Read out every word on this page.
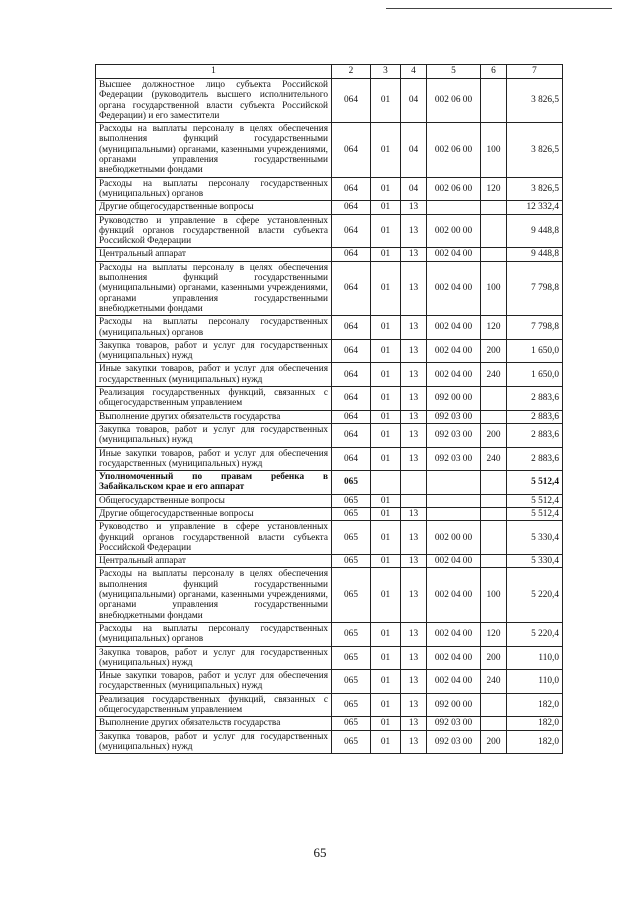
1	2	3	4	5	6	7
Высшее должностное лицо субъекта Российской Федерации (руководитель высшего исполнительного органа государственной власти субъекта Российской Федерации) и его заместители	064	01	04	002 06 00		3 826,5
Расходы на выплаты персоналу в целях обеспечения выполнения функций государственными (муниципальными) органами, казенными учреждениями, органами управления государственными внебюджетными фондами	064	01	04	002 06 00	100	3 826,5
Расходы на выплаты персоналу государственных (муниципальных) органов	064	01	04	002 06 00	120	3 826,5
Другие общегосударственные вопросы	064	01	13			12 332,4
Руководство и управление в сфере установленных функций органов государственной власти субъекта Российской Федерации	064	01	13	002 00 00		9 448,8
Центральный аппарат	064	01	13	002 04 00		9 448,8
Расходы на выплаты персоналу в целях обеспечения выполнения функций государственными (муниципальными) органами, казенными учреждениями, органами управления государственными внебюджетными фондами	064	01	13	002 04 00	100	7 798,8
Расходы на выплаты персоналу государственных (муниципальных) органов	064	01	13	002 04 00	120	7 798,8
Закупка товаров, работ и услуг для государственных (муниципальных) нужд	064	01	13	002 04 00	200	1 650,0
Иные закупки товаров, работ и услуг для обеспечения государственных (муниципальных) нужд	064	01	13	002 04 00	240	1 650,0
Реализация государственных функций, связанных с общегосударственным управлением	064	01	13	092 00 00		2 883,6
Выполнение других обязательств государства	064	01	13	092 03 00		2 883,6
Закупка товаров, работ и услуг для государственных (муниципальных) нужд	064	01	13	092 03 00	200	2 883,6
Иные закупки товаров, работ и услуг для обеспечения государственных (муниципальных) нужд	064	01	13	092 03 00	240	2 883,6
Уполномоченный по правам ребенка в Забайкальском крае и его аппарат	065					5 512,4
Общегосударственные вопросы	065	01				5 512,4
Другие общегосударственные вопросы	065	01	13			5 512,4
Руководство и управление в сфере установленных функций органов государственной власти субъекта Российской Федерации	065	01	13	002 00 00		5 330,4
Центральный аппарат	065	01	13	002 04 00		5 330,4
Расходы на выплаты персоналу в целях обеспечения выполнения функций государственными (муниципальными) органами, казенными учреждениями, органами управления государственными внебюджетными фондами	065	01	13	002 04 00	100	5 220,4
Расходы на выплаты персоналу государственных (муниципальных) органов	065	01	13	002 04 00	120	5 220,4
Закупка товаров, работ и услуг для государственных (муниципальных) нужд	065	01	13	002 04 00	200	110,0
Иные закупки товаров, работ и услуг для обеспечения государственных (муниципальных) нужд	065	01	13	002 04 00	240	110,0
Реализация государственных функций, связанных с общегосударственным управлением	065	01	13	092 00 00		182,0
Выполнение других обязательств государства	065	01	13	092 03 00		182,0
Закупка товаров, работ и услуг для государственных (муниципальных) нужд	065	01	13	092 03 00	200	182,0
65
